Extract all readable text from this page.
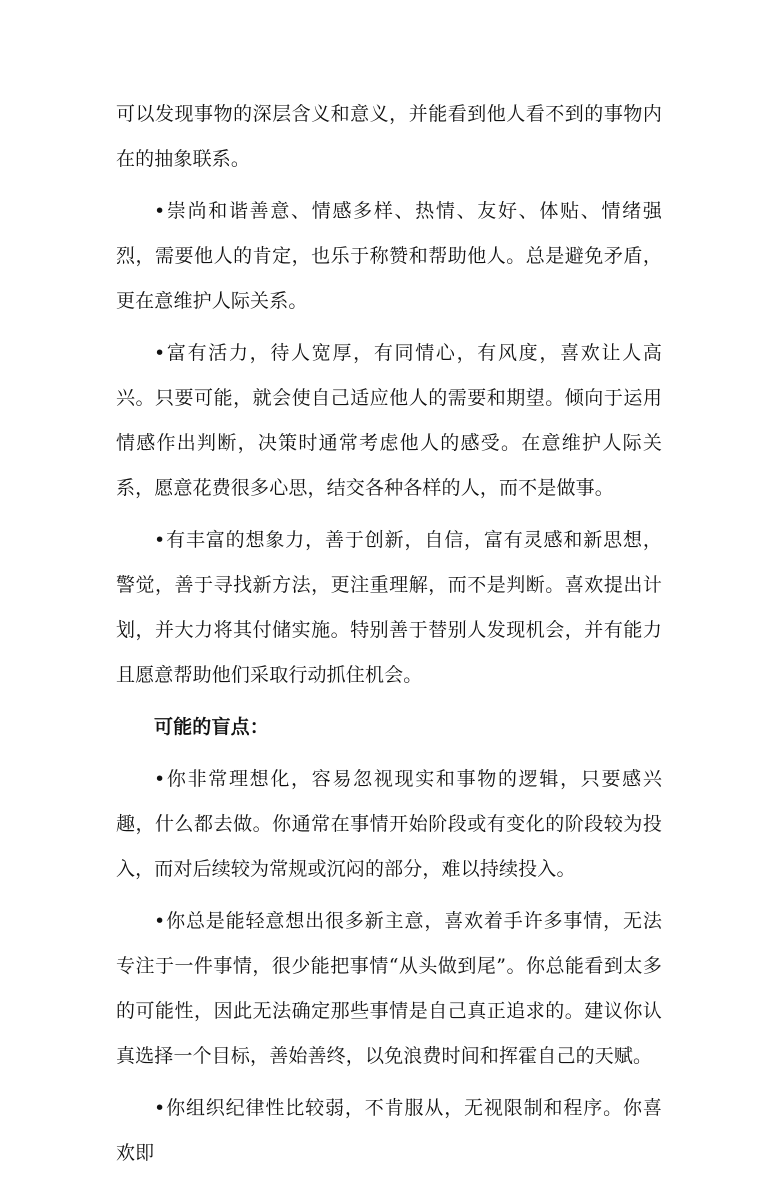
可以发现事物的深层含义和意义，并能看到他人看不到的事物内在的抽象联系。

•崇尚和谐善意、情感多样、热情、友好、体贴、情绪强烈，需要他人的肯定，也乐于称赞和帮助他人。总是避免矛盾，更在意维护人际关系。

•富有活力，待人宽厚，有同情心，有风度，喜欢让人高兴。只要可能，就会使自己适应他人的需要和期望。倾向于运用情感作出判断，决策时通常考虑他人的感受。在意维护人际关系，愿意花费很多心思，结交各种各样的人，而不是做事。

•有丰富的想象力，善于创新，自信，富有灵感和新思想，警觉，善于寻找新方法，更注重理解，而不是判断。喜欢提出计划，并大力将其付储实施。特别善于替别人发现机会，并有能力且愿意帮助他们采取行动抓住机会。

可能的盲点：

•你非常理想化，容易忽视现实和事物的逻辑，只要感兴趣，什么都去做。你通常在事情开始阶段或有变化的阶段较为投入，而对后续较为常规或沉闷的部分，难以持续投入。

•你总是能轻意想出很多新主意，喜欢着手许多事情，无法专注于一件事情，很少能把事情“从头做到尾”。你总能看到太多的可能性，因此无法确定那些事情是自己真正追求的。建议你认真选择一个目标，善始善终，以免浪费时间和挥霍自己的天赋。

•你组织纪律性比较弱，不肯服从，无视限制和程序。你喜欢即
